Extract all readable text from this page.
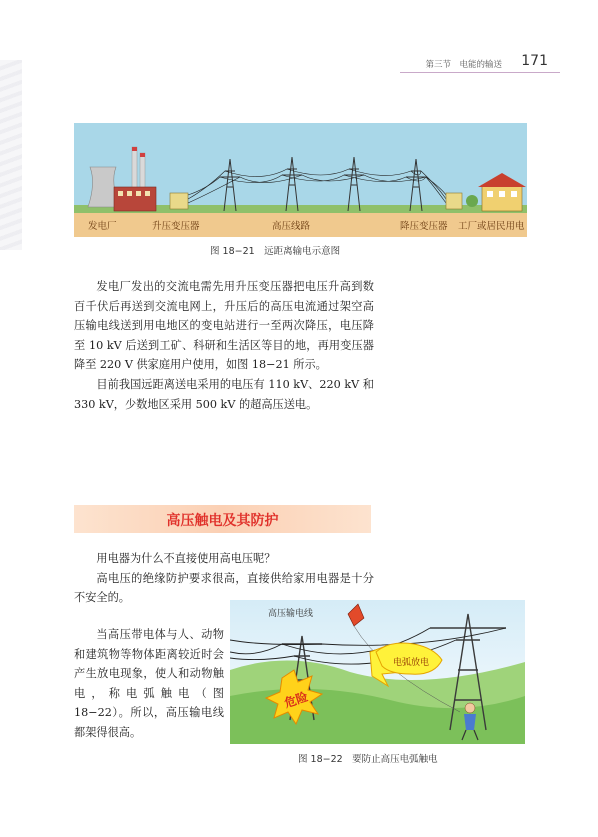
第三节　电能的输送 171
发电厂	升压变压器	高压线路	降压变压器 工厂或居民用电
图 18−21　远距离输电示意图

发电厂发出的交流电需先用升压变压器把电压升高到数百千伏后再送到交流电网上，升压后的高压电流通过架空高压输电线送到用电地区的变电站进行一至两次降压，电压降至 10 kV 后送到工矿、科研和生活区等目的地，再用变压器降至 220 V 供家庭用户使用，如图 18−21 所示。

目前我国远距离送电采用的电压有 110 kV、220 kV 和 330 kV，少数地区采用 500 kV 的超高压送电。

高压触电及其防护

用电器为什么不直接使用高电压呢？

高电压的绝缘防护要求很高，直接供给家用电器是十分不安全的。

当高压带电体与人、动物和建筑物等物体距离较近时会产生放电现象，使人和动物触电，称电弧触电（图 18−22）。所以，高压输电线都架得很高。

高压输电线
电弧放电
危险
图 18−22　要防止高压电弧触电
